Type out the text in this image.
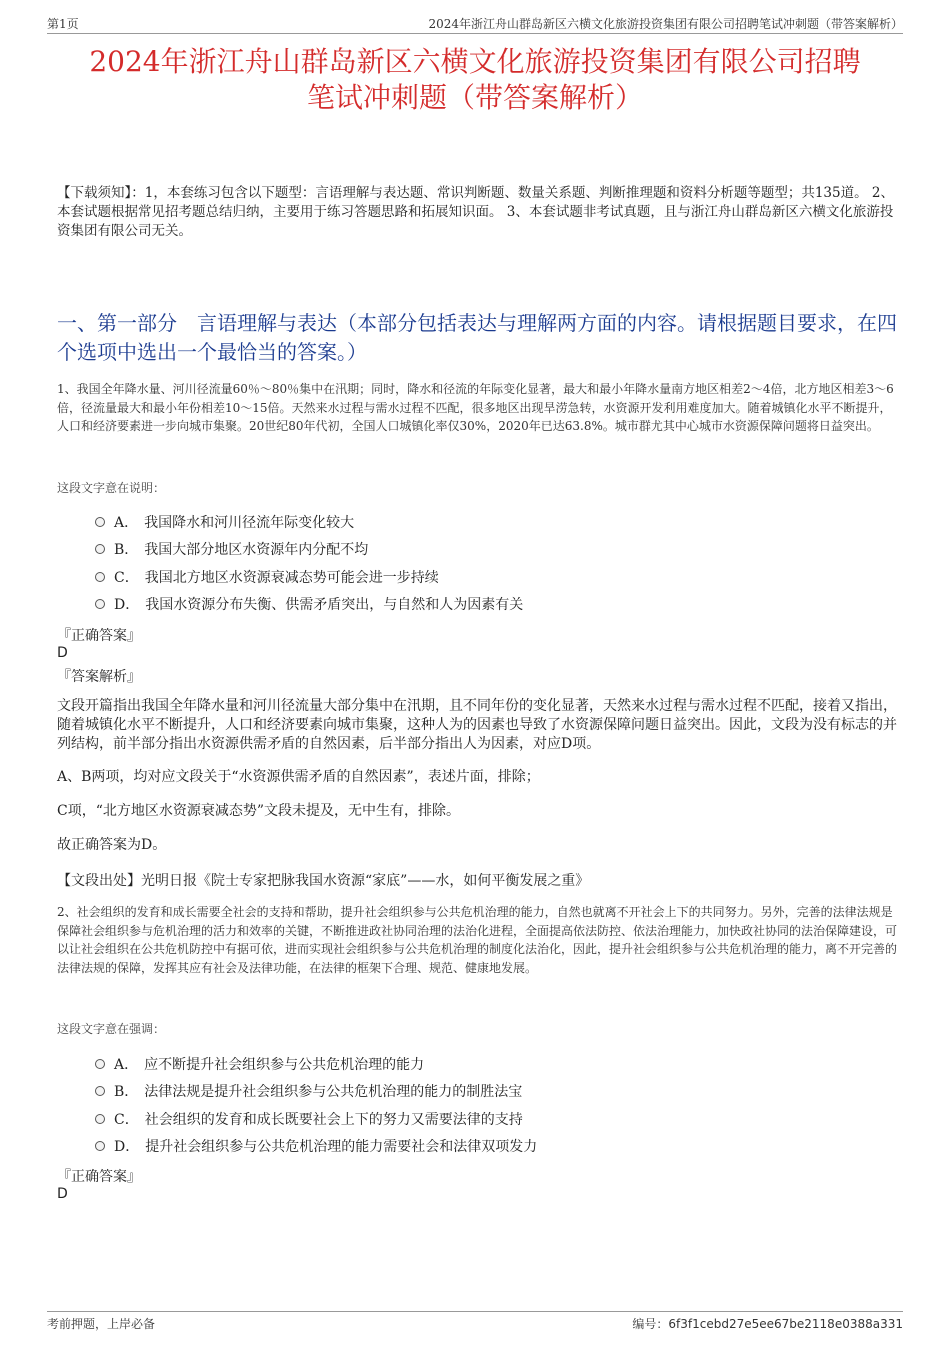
第1页	2024年浙江舟山群岛新区六横文化旅游投资集团有限公司招聘笔试冲刺题（带答案解析）
2024年浙江舟山群岛新区六横文化旅游投资集团有限公司招聘
笔试冲刺题（带答案解析）
【下载须知】：1，本套练习包含以下题型：言语理解与表达题、常识判断题、数量关系题、判断推理题和资料分析题等题型；共135道。 2、本套试题根据常见招考题总结归纳，主要用于练习答题思路和拓展知识面。 3、本套试题非考试真题，且与浙江舟山群岛新区六横文化旅游投资集团有限公司无关。
一、第一部分　言语理解与表达（本部分包括表达与理解两方面的内容。请根据题目要求，在四个选项中选出一个最恰当的答案。）
1、我国全年降水量、河川径流量60％～80％集中在汛期；同时，降水和径流的年际变化显著，最大和最小年降水量南方地区相差2～4倍，北方地区相差3～6倍，径流量最大和最小年份相差10～15倍。天然来水过程与需水过程不匹配，很多地区出现旱涝急转，水资源开发利用难度加大。随着城镇化水平不断提升，人口和经济要素进一步向城市集聚。20世纪80年代初，全国人口城镇化率仅30%，2020年已达63.8%。城市群尤其中心城市水资源保障问题将日益突出。
这段文字意在说明：
A． 我国降水和河川径流年际变化较大
B． 我国大部分地区水资源年内分配不均
C． 我国北方地区水资源衰减态势可能会进一步持续
D． 我国水资源分布失衡、供需矛盾突出，与自然和人为因素有关
『正确答案』
D
『答案解析』
文段开篇指出我国全年降水量和河川径流量大部分集中在汛期，且不同年份的变化显著，天然来水过程与需水过程不匹配，接着又指出，随着城镇化水平不断提升，人口和经济要素向城市集聚，这种人为的因素也导致了水资源保障问题日益突出。因此，文段为没有标志的并列结构，前半部分指出水资源供需矛盾的自然因素，后半部分指出人为因素，对应D项。
A、B两项，均对应文段关于“水资源供需矛盾的自然因素”，表述片面，排除；
C项，“北方地区水资源衰减态势”文段未提及，无中生有，排除。
故正确答案为D。
【文段出处】光明日报《院士专家把脉我国水资源“家底”——水，如何平衡发展之重》
2、社会组织的发育和成长需要全社会的支持和帮助，提升社会组织参与公共危机治理的能力，自然也就离不开社会上下的共同努力。另外，完善的法律法规是保障社会组织参与危机治理的活力和效率的关键，不断推进政社协同治理的法治化进程，全面提高依法防控、依法治理能力，加快政社协同的法治保障建设，可以让社会组织在公共危机防控中有据可依，进而实现社会组织参与公共危机治理的制度化法治化，因此，提升社会组织参与公共危机治理的能力，离不开完善的法律法规的保障，发挥其应有社会及法律功能，在法律的框架下合理、规范、健康地发展。
这段文字意在强调：
A． 应不断提升社会组织参与公共危机治理的能力
B． 法律法规是提升社会组织参与公共危机治理的能力的制胜法宝
C． 社会组织的发育和成长既要社会上下的努力又需要法律的支持
D． 提升社会组织参与公共危机治理的能力需要社会和法律双项发力
『正确答案』
D
考前押题，上岸必备	编号：6f3f1cebd27e5ee67be2118e0388a331
